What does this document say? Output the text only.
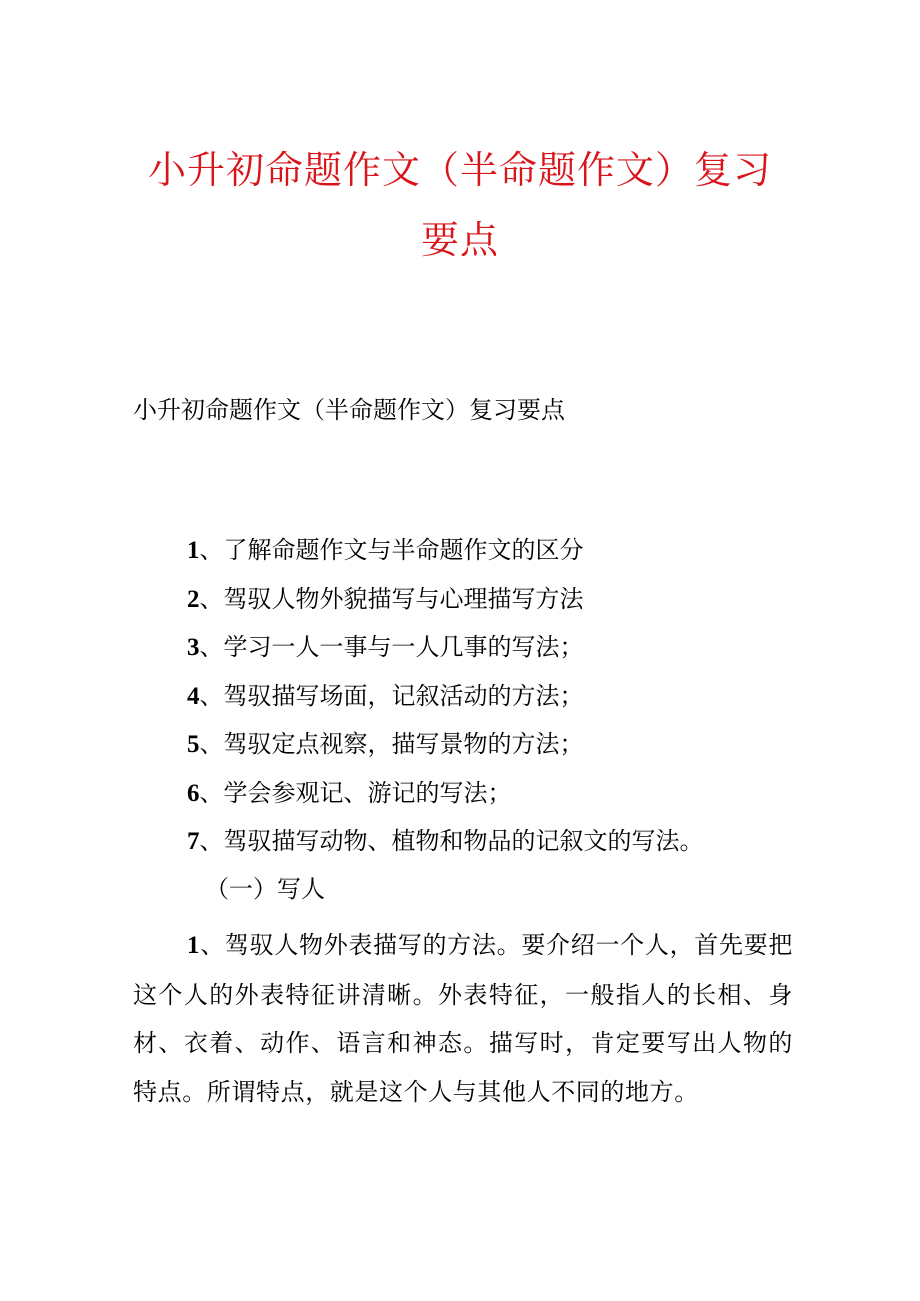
小升初命题作文（半命题作文）复习
要点
小升初命题作文（半命题作文）复习要点
1、了解命题作文与半命题作文的区分
2、驾驭人物外貌描写与心理描写方法
3、学习一人一事与一人几事的写法；
4、驾驭描写场面，记叙活动的方法；
5、驾驭定点视察，描写景物的方法；
6、学会参观记、游记的写法；
7、驾驭描写动物、植物和物品的记叙文的写法。
（一）写人

1、驾驭人物外表描写的方法。要介绍一个人，首先要把这个人的外表特征讲清晰。外表特征，一般指人的长相、身材、衣着、动作、语言和神态。描写时，肯定要写出人物的特点。所谓特点，就是这个人与其他人不同的地方。
